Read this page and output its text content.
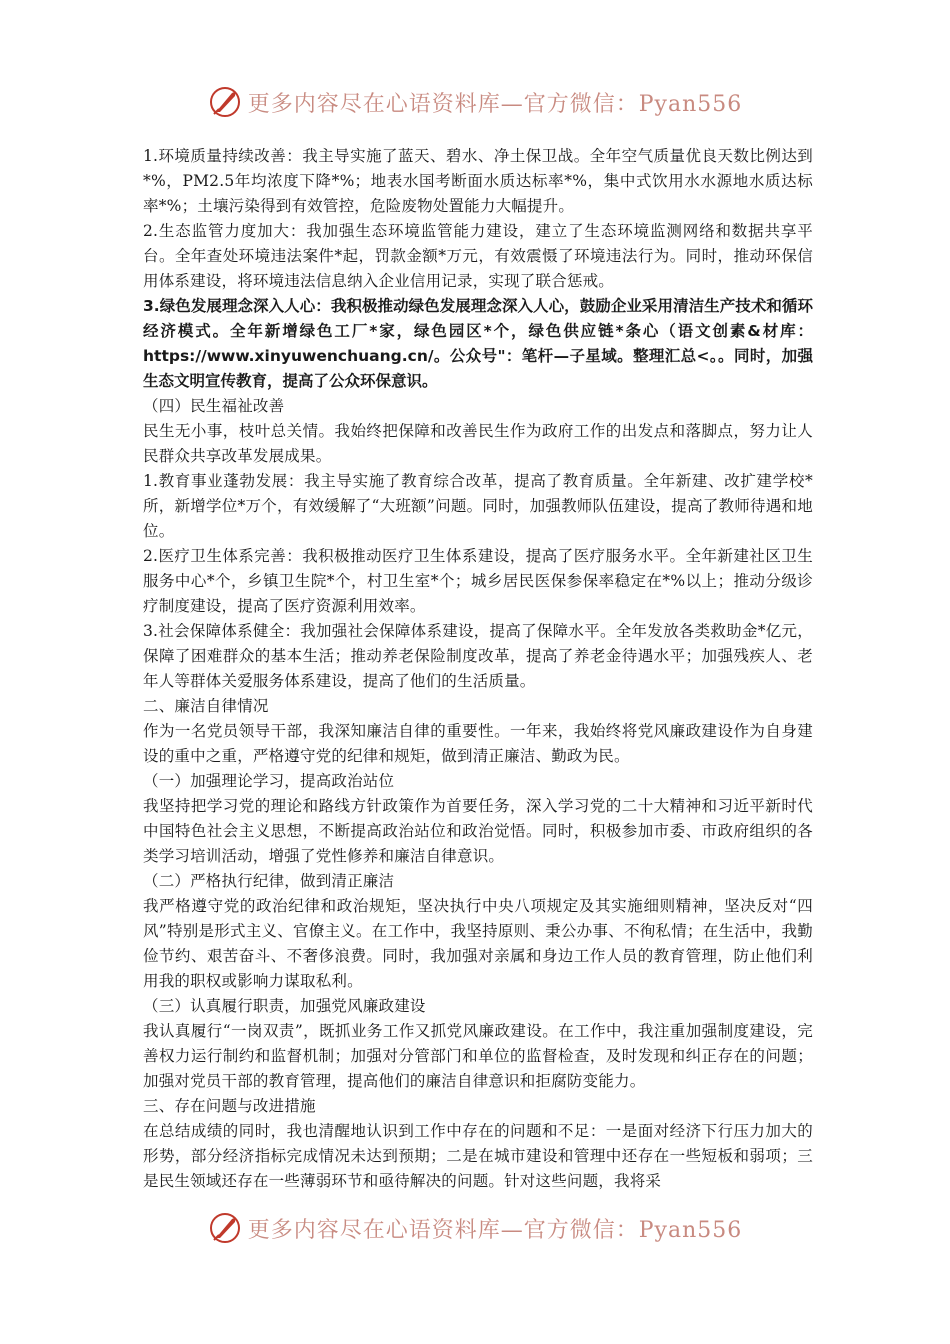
更多内容尽在心语资料库—官方微信：Pyan556

1.环境质量持续改善：我主导实施了蓝天、碧水、净土保卫战。全年空气质量优良天数比例达到*%，PM2.5年均浓度下降*%；地表水国考断面水质达标率*%，集中式饮用水水源地水质达标率*%；土壤污染得到有效管控，危险废物处置能力大幅提升。

2.生态监管力度加大：我加强生态环境监管能力建设，建立了生态环境监测网络和数据共享平台。全年查处环境违法案件*起，罚款金额*万元，有效震慑了环境违法行为。同时，推动环保信用体系建设，将环境违法信息纳入企业信用记录，实现了联合惩戒。

3.绿色发展理念深入人心：我积极推动绿色发展理念深入人心，鼓励企业采用清洁生产技术和循环经济模式。全年新增绿色工厂*家，绿色园区*个，绿色供应链*条心（语文创素&材库：https://www.xinyuwenchuang.cn/。公众号"：笔杆—子星域。整理汇总<。。同时，加强生态文明宣传教育，提高了公众环保意识。

（四）民生福祉改善

民生无小事，枝叶总关情。我始终把保障和改善民生作为政府工作的出发点和落脚点，努力让人民群众共享改革发展成果。

1.教育事业蓬勃发展：我主导实施了教育综合改革，提高了教育质量。全年新建、改扩建学校*所，新增学位*万个，有效缓解了“大班额”问题。同时，加强教师队伍建设，提高了教师待遇和地位。

2.医疗卫生体系完善：我积极推动医疗卫生体系建设，提高了医疗服务水平。全年新建社区卫生服务中心*个，乡镇卫生院*个，村卫生室*个；城乡居民医保参保率稳定在*%以上；推动分级诊疗制度建设，提高了医疗资源利用效率。

3.社会保障体系健全：我加强社会保障体系建设，提高了保障水平。全年发放各类救助金*亿元，保障了困难群众的基本生活；推动养老保险制度改革，提高了养老金待遇水平；加强残疾人、老年人等群体关爱服务体系建设，提高了他们的生活质量。

二、廉洁自律情况

作为一名党员领导干部，我深知廉洁自律的重要性。一年来，我始终将党风廉政建设作为自身建设的重中之重，严格遵守党的纪律和规矩，做到清正廉洁、勤政为民。

（一）加强理论学习，提高政治站位

我坚持把学习党的理论和路线方针政策作为首要任务，深入学习党的二十大精神和习近平新时代中国特色社会主义思想，不断提高政治站位和政治觉悟。同时，积极参加市委、市政府组织的各类学习培训活动，增强了党性修养和廉洁自律意识。

（二）严格执行纪律，做到清正廉洁

我严格遵守党的政治纪律和政治规矩，坚决执行中央八项规定及其实施细则精神，坚决反对“四风”特别是形式主义、官僚主义。在工作中，我坚持原则、秉公办事、不徇私情；在生活中，我勤俭节约、艰苦奋斗、不奢侈浪费。同时，我加强对亲属和身边工作人员的教育管理，防止他们利用我的职权或影响力谋取私利。

（三）认真履行职责，加强党风廉政建设

我认真履行“一岗双责”，既抓业务工作又抓党风廉政建设。在工作中，我注重加强制度建设，完善权力运行制约和监督机制；加强对分管部门和单位的监督检查，及时发现和纠正存在的问题；加强对党员干部的教育管理，提高他们的廉洁自律意识和拒腐防变能力。

三、存在问题与改进措施

在总结成绩的同时，我也清醒地认识到工作中存在的问题和不足：一是面对经济下行压力加大的形势，部分经济指标完成情况未达到预期；二是在城市建设和管理中还存在一些短板和弱项；三是民生领域还存在一些薄弱环节和亟待解决的问题。针对这些问题，我将采

更多内容尽在心语资料库—官方微信：Pyan556
